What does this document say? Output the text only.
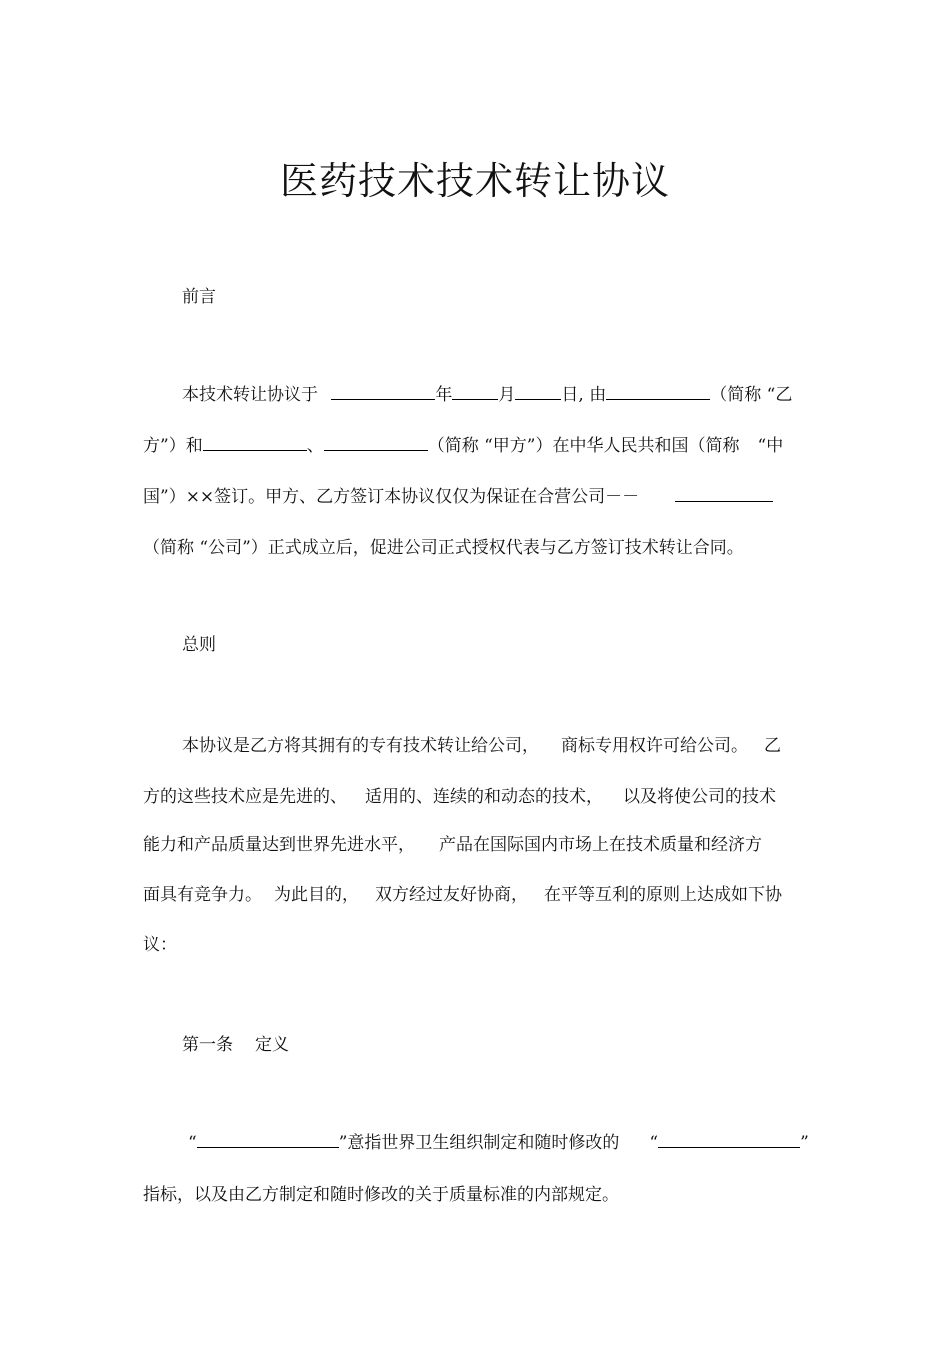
医药技术技术转让协议
前言
本技术转让协议于	年	月	日, 由	（简称 “乙
方”）和	、	（简称 “甲方”）在中华人民共和国（简称 “中
国”）××签订。甲方、乙方签订本协议仅仅为保证在合营公司－－
（简称 “公司”）正式成立后，促进公司正式授权代表与乙方签订技术转让合同。
总则
本协议是乙方将其拥有的专有技术转让给公司， 商标专用权许可给公司。 乙
方的这些技术应是先进的、 适用的、连续的和动态的技术， 以及将使公司的技术
能力和产品质量达到世界先进水平， 产品在国际国内市场上在技术质量和经济方
面具有竞争力。 为此目的， 双方经过友好协商， 在平等互利的原则上达成如下协
议：
第一条 定义
“	”意指世界卫生组织制定和随时修改的 “	”
指标，以及由乙方制定和随时修改的关于质量标准的内部规定。
